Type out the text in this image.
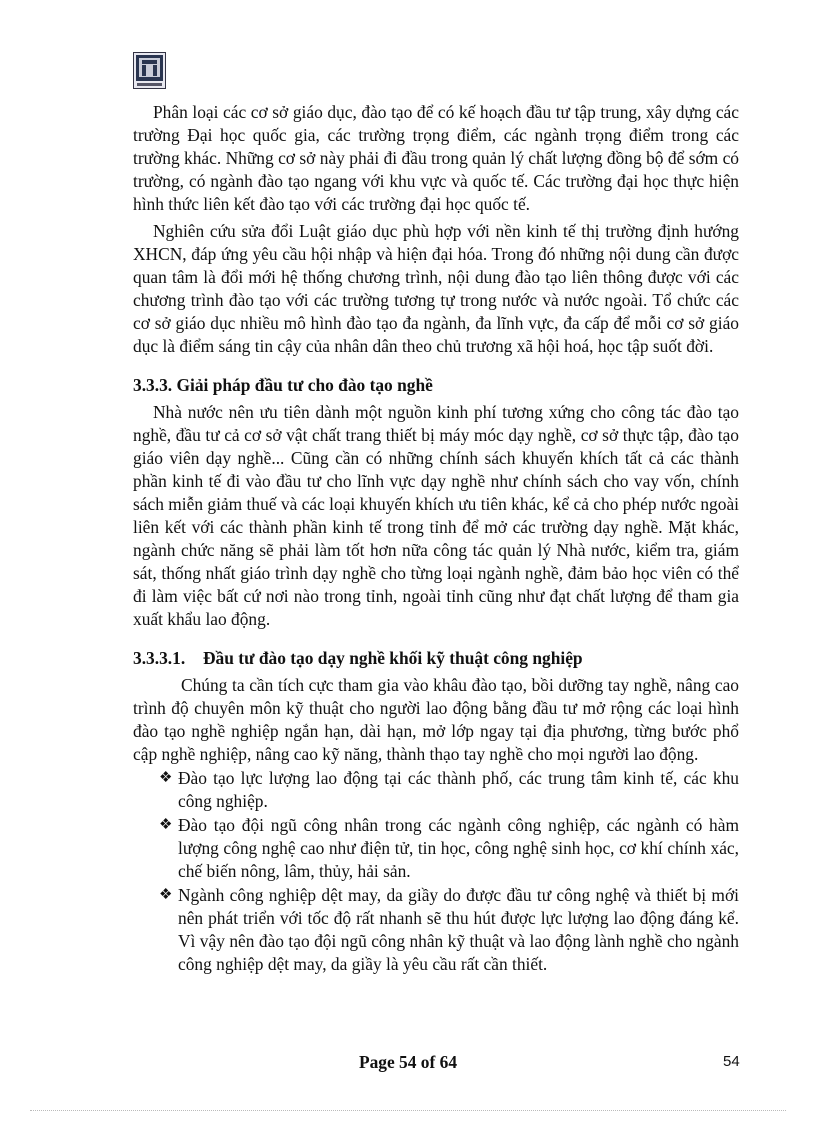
Phân loại các cơ sở giáo dục, đào tạo để có kế hoạch đầu tư tập trung, xây dựng các trường Đại học quốc gia, các trường trọng điểm, các ngành trọng điểm trong các trường khác. Những cơ sở này phải đi đầu trong quản lý chất lượng đồng bộ để sớm có trường, có ngành đào tạo ngang với khu vực và quốc tế. Các trường đại học thực hiện hình thức liên kết đào tạo với các trường đại học quốc tế.

Nghiên cứu sửa đổi Luật giáo dục phù hợp với nền kinh tế thị trường định hướng XHCN, đáp ứng yêu cầu hội nhập và hiện đại hóa. Trong đó những nội dung cần được quan tâm là đổi mới hệ thống chương trình, nội dung đào tạo liên thông được với các chương trình đào tạo với các trường tương tự trong nước và nước ngoài. Tổ chức các cơ sở giáo dục nhiều mô hình đào tạo đa ngành, đa lĩnh vực, đa cấp để mỗi cơ sở giáo dục là điểm sáng tin cậy của nhân dân theo chủ trương xã hội hoá, học tập suốt đời.

3.3.3. Giải pháp đầu tư cho đào tạo nghề

Nhà nước nên ưu tiên dành một nguồn kinh phí tương xứng cho công tác đào tạo nghề, đầu tư cả cơ sở vật chất trang thiết bị máy móc dạy nghề, cơ sở thực tập, đào tạo giáo viên dạy nghề... Cũng cần có những chính sách khuyến khích tất cả các thành phần kinh tế đi vào đầu tư cho lĩnh vực dạy nghề như chính sách cho vay vốn, chính sách miễn giảm thuế và các loại khuyến khích ưu tiên khác, kể cả cho phép nước ngoài liên kết với các thành phần kinh tế trong tỉnh để mở các trường dạy nghề. Mặt khác, ngành chức năng sẽ phải làm tốt hơn nữa công tác quản lý Nhà nước, kiểm tra, giám sát, thống nhất giáo trình dạy nghề cho từng loại ngành nghề, đảm bảo học viên có thể đi làm việc bất cứ nơi nào trong tỉnh, ngoài tỉnh cũng như đạt chất lượng để tham gia xuất khẩu lao động.

3.3.3.1. Đầu tư đào tạo dạy nghề khối kỹ thuật công nghiệp

Chúng ta cần tích cực tham gia vào khâu đào tạo, bồi dưỡng tay nghề, nâng cao trình độ chuyên môn kỹ thuật cho người lao động bằng đầu tư mở rộng các loại hình đào tạo nghề nghiệp ngắn hạn, dài hạn, mở lớp ngay tại địa phương, từng bước phổ cập nghề nghiệp, nâng cao kỹ năng, thành thạo tay nghề cho mọi người lao động.

❖ Đào tạo lực lượng lao động tại các thành phố, các trung tâm kinh tế, các khu công nghiệp.
❖ Đào tạo đội ngũ công nhân trong các ngành công nghiệp, các ngành có hàm lượng công nghệ cao như điện tử, tin học, công nghệ sinh học, cơ khí chính xác, chế biến nông, lâm, thủy, hải sản.
❖ Ngành công nghiệp dệt may, da giầy do được đầu tư công nghệ và thiết bị mới nên phát triển với tốc độ rất nhanh sẽ thu hút được lực lượng lao động đáng kể. Vì vậy nên đào tạo đội ngũ công nhân kỹ thuật và lao động lành nghề cho ngành công nghiệp dệt may, da giầy là yêu cầu rất cần thiết.
Page 54 of 64	54
